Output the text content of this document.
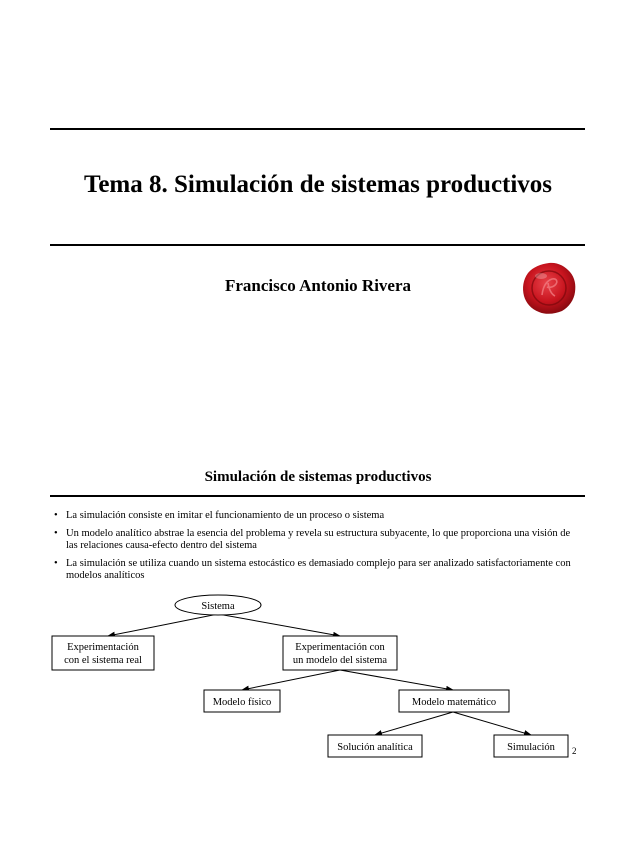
Tema 8. Simulación de sistemas productivos
Francisco Antonio Rivera
Simulación de sistemas productivos
• La simulación consiste en imitar el funcionamiento de un proceso o sistema
• Un modelo analítico abstrae la esencia del problema y revela su estructura subyacente, lo que proporciona una visión de las relaciones causa-efecto dentro del sistema
• La simulación se utiliza cuando un sistema estocástico es demasiado complejo para ser analizado satisfactoriamente con modelos analíticos
Sistema
Experimentación
con el sistema real
Experimentación con
un modelo del sistema
Modelo físico	Modelo matemático
Solución analítica	Simulación 2
